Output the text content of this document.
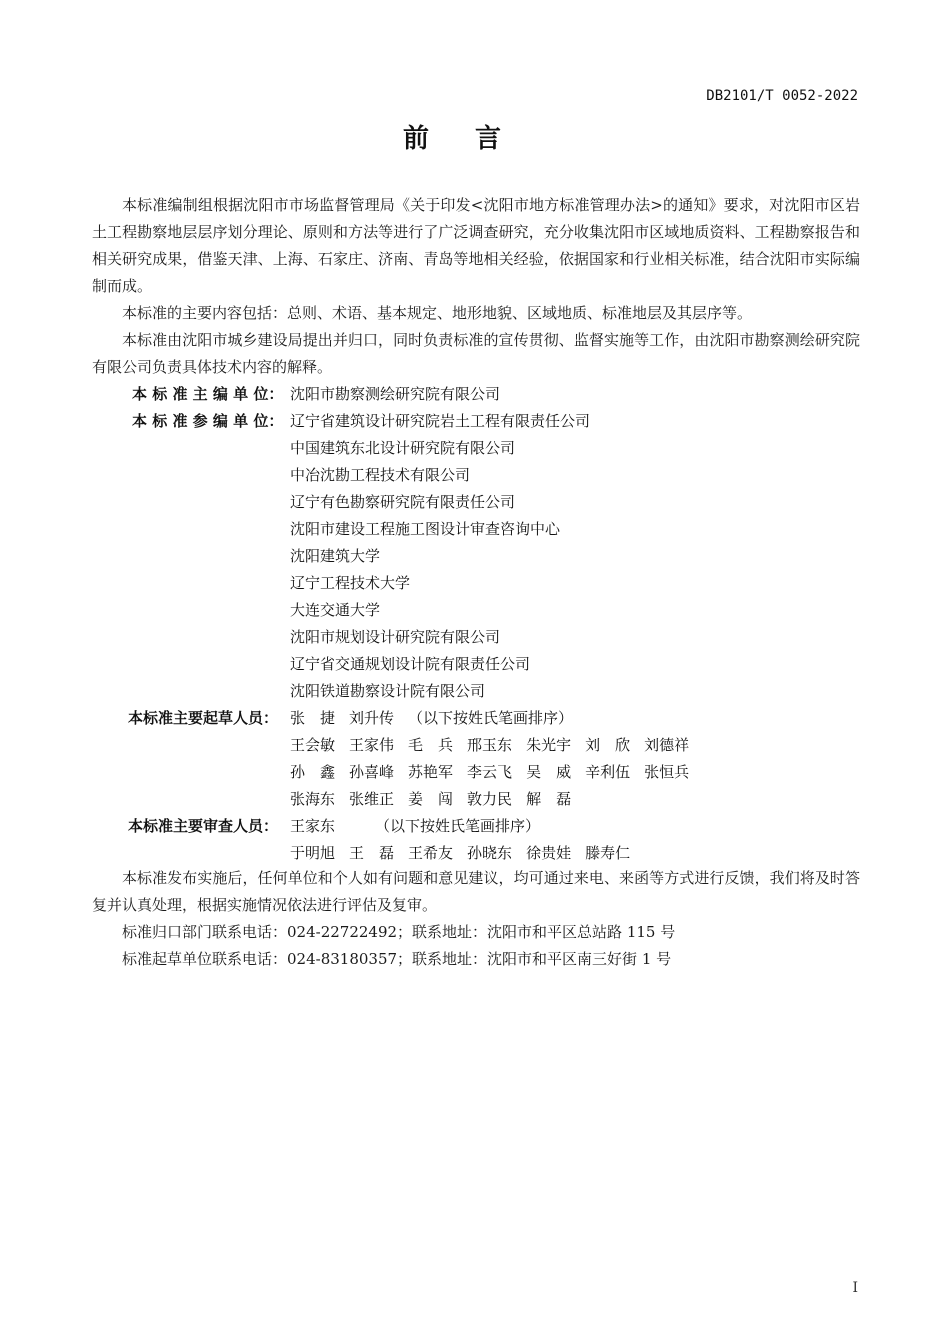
DB2101/T 0052-2022
前言

本标准编制组根据沈阳市市场监督管理局《关于印发<沈阳市地方标准管理办法>的通知》要求，对沈阳市区岩土工程勘察地层层序划分理论、原则和方法等进行了广泛调查研究，充分收集沈阳市区域地质资料、工程勘察报告和相关研究成果，借鉴天津、上海、石家庄、济南、青岛等地相关经验，依据国家和行业相关标准，结合沈阳市实际编制而成。

本标准的主要内容包括：总则、术语、基本规定、地形地貌、区域地质、标准地层及其层序等。

本标准由沈阳市城乡建设局提出并归口，同时负责标准的宣传贯彻、监督实施等工作，由沈阳市勘察测绘研究院有限公司负责具体技术内容的解释。

本 标 准 主 编 单 位： 沈阳市勘察测绘研究院有限公司
本 标 准 参 编 单 位： 辽宁省建筑设计研究院岩土工程有限责任公司
中国建筑东北设计研究院有限公司
中冶沈勘工程技术有限公司
辽宁有色勘察研究院有限责任公司
沈阳市建设工程施工图设计审查咨询中心
沈阳建筑大学
辽宁工程技术大学
大连交通大学
沈阳市规划设计研究院有限公司
辽宁省交通规划设计院有限责任公司
沈阳铁道勘察设计院有限公司
本标准主要起草人员： 张　捷 刘升传 （以下按姓氏笔画排序）
王会敏 王家伟 毛　兵 邢玉东 朱光宇 刘　欣 刘德祥
孙　鑫 孙喜峰 苏艳军 李云飞 吴　威 辛利伍 张恒兵
张海东 张维正 姜　闯 敦力民 解　磊
本标准主要审查人员： 王家东	（以下按姓氏笔画排序）
于明旭 王　磊 王希友 孙晓东 徐贵娃 滕寿仁

本标准发布实施后，任何单位和个人如有问题和意见建议，均可通过来电、来函等方式进行反馈，我们将及时答复并认真处理，根据实施情况依法进行评估及复审。

标准归口部门联系电话：024-22722492；联系地址：沈阳市和平区总站路 115 号
标准起草单位联系电话：024-83180357；联系地址：沈阳市和平区南三好街 1 号
I
